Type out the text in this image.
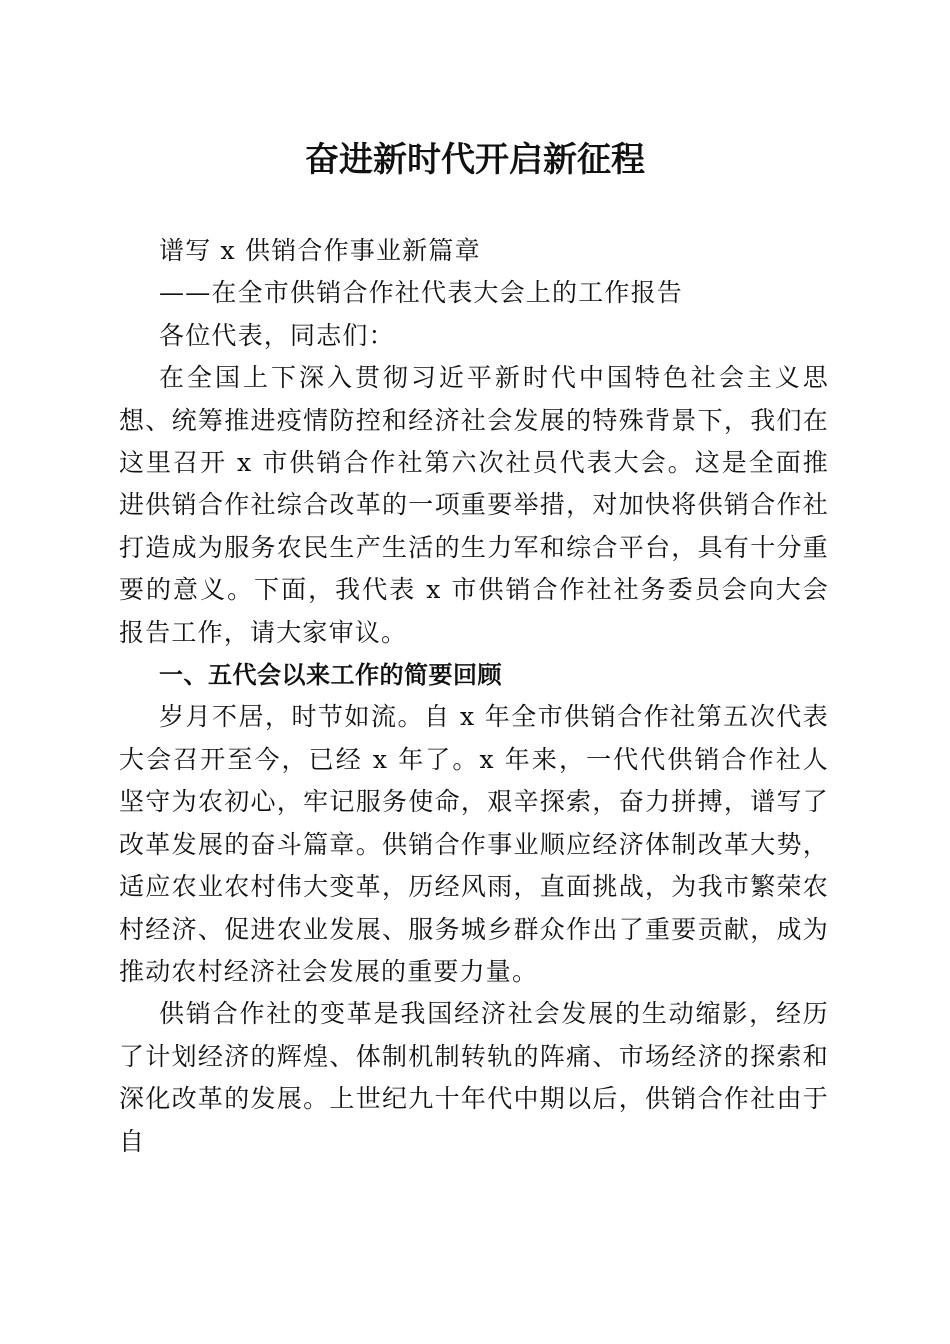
奋进新时代开启新征程

谱写 x 供销合作事业新篇章

——在全市供销合作社代表大会上的工作报告

各位代表，同志们：

在全国上下深入贯彻习近平新时代中国特色社会主义思想、统筹推进疫情防控和经济社会发展的特殊背景下，我们在这里召开 x 市供销合作社第六次社员代表大会。这是全面推进供销合作社综合改革的一项重要举措，对加快将供销合作社打造成为服务农民生产生活的生力军和综合平台，具有十分重要的意义。下面，我代表 x 市供销合作社社务委员会向大会报告工作，请大家审议。

一、五代会以来工作的简要回顾

岁月不居，时节如流。自 x 年全市供销合作社第五次代表大会召开至今，已经 x 年了。x 年来，一代代供销合作社人坚守为农初心，牢记服务使命，艰辛探索，奋力拼搏，谱写了改革发展的奋斗篇章。供销合作事业顺应经济体制改革大势，适应农业农村伟大变革，历经风雨，直面挑战，为我市繁荣农村经济、促进农业发展、服务城乡群众作出了重要贡献，成为推动农村经济社会发展的重要力量。

供销合作社的变革是我国经济社会发展的生动缩影，经历了计划经济的辉煌、体制机制转轨的阵痛、市场经济的探索和深化改革的发展。上世纪九十年代中期以后，供销合作社由于自
